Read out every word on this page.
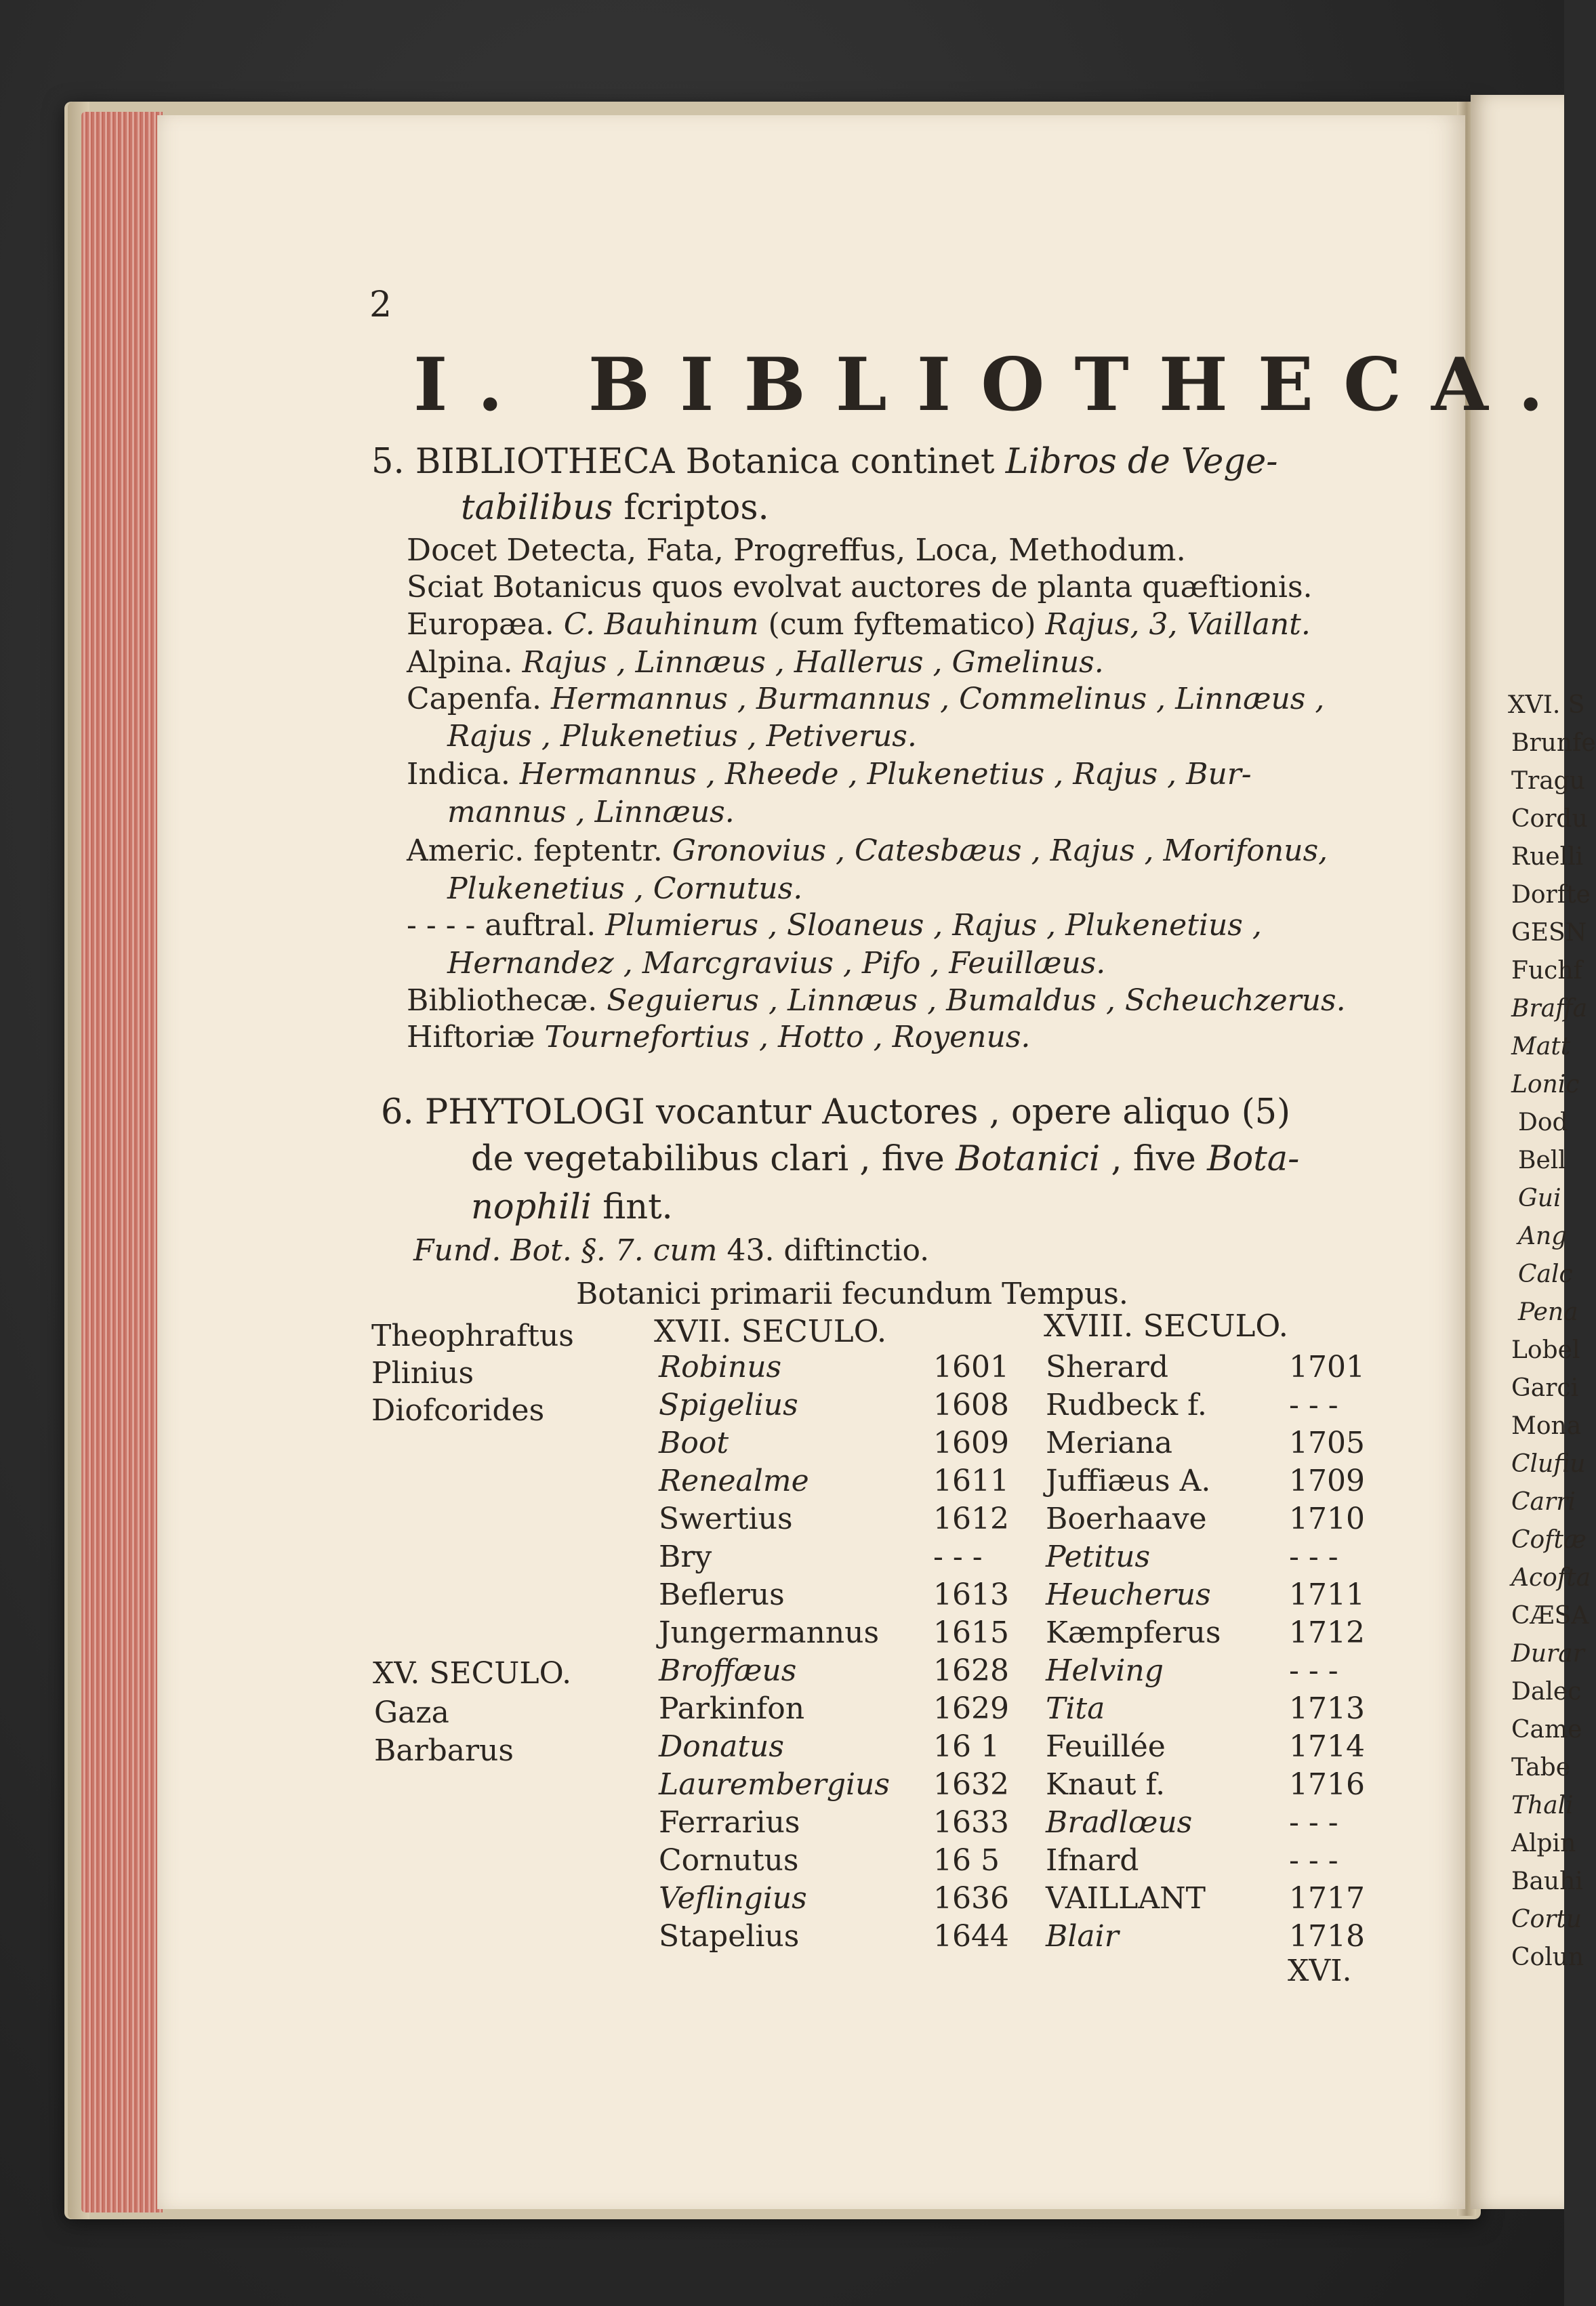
XVI. S
Brunfe
Tragu
Cordu
Ruelli
Dorfte
GESN
Fuchf
Braffa
Matt
Lonic
Dod
Bell
Gui
Ang
Calc
Pena
Lobel
Garci
Mona
Clufiu
Carri
Coftæ
Acofta
CÆSA
Durar
Dalec
Came
Tabe
Thali
Alpin
Bauhi
Cortu
Colun
2
I. BIBLIOTHECA.
5. BIBLIOTHECA Botanica continet Libros de Vege-
tabilibus fcriptos.
Docet Detecta, Fata, Progreffus, Loca, Methodum.
Sciat Botanicus quos evolvat auctores de planta quæftionis.
Europæa. C. Bauhinum (cum fyftematico) Rajus, 3, Vaillant.
Alpina. Rajus , Linnæus , Hallerus , Gmelinus.
Capenfa. Hermannus , Burmannus , Commelinus , Linnæus ,
Rajus , Plukenetius , Petiverus.
Indica. Hermannus , Rheede , Plukenetius , Rajus , Bur-
mannus , Linnæus.
Americ. feptentr. Gronovius , Catesbæus , Rajus , Morifonus,
Plukenetius , Cornutus.
- - - - auftral. Plumierus , Sloaneus , Rajus , Plukenetius ,
Hernandez , Marcgravius , Pifo , Feuillæus.
Bibliothecæ. Seguierus , Linnæus , Bumaldus , Scheuchzerus.
Hiftoriæ Tournefortius , Hotto , Royenus.
6. PHYTOLOGI vocantur Auctores , opere aliquo (5)
de vegetabilibus clari , five Botanici , five Bota-
nophili fint.
Fund. Bot. §. 7. cum 43. diftinctio.
Botanici primarii fecundum Tempus.
XVII. SECULO.	XVIII. SECULO.
Robinus	1601
Spigelius	1608
Boot	1609
Renealme	1611
Swertius	1612
Bry	- - -
Beflerus	1613
Jungermannus 1615
Broffæus	1628
Parkinfon	1629
Donatus	16 1
Laurembergius 1632
Ferrarius	1633
Cornutus	16 5
Veflingius	1636
Stapelius	1644
Sherard	1701
Rudbeck f.	- - -
Meriana	1705
Juffiæus A.	1709
Boerhaave	1710
Petitus	- - -
Heucherus	1711
Kæmpferus 1712
Helving	- - -
Tita	1713
Feuillée	1714
Knaut f.	1716
Bradlœus	- - -
Ifnard	- - -
VAILLANT	1717
Blair	1718
Theophraftus
Plinius
Diofcorides
XV. SECULO.
Gaza
Barbarus
XVI.
